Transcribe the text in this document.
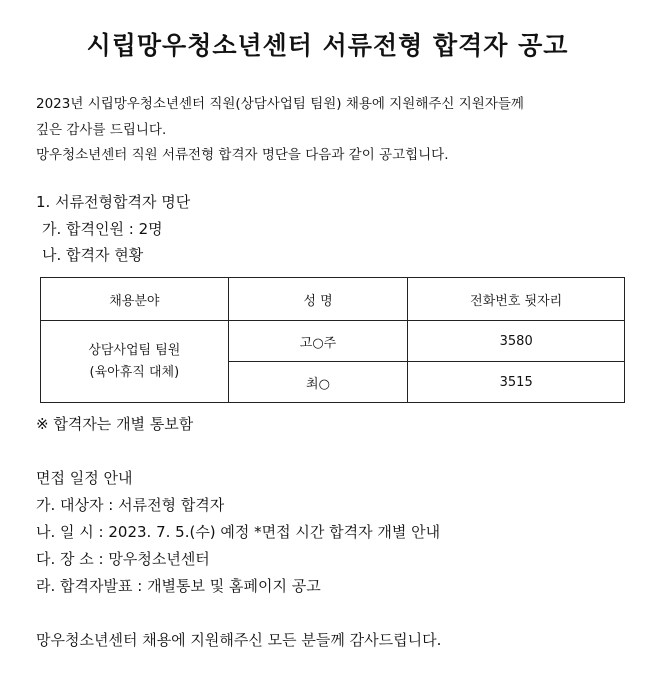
시립망우청소년센터 서류전형 합격자 공고
2023년 시립망우청소년센터 직원(상담사업팀 팀원) 채용에 지원해주신 지원자들께
깊은 감사를 드립니다.
망우청소년센터 직원 서류전형 합격자 명단을 다음과 같이 공고힙니다.
1. 서류전형합격자 명단
가. 합격인원 : 2명
나. 합격자 현황
채용분야	성 명	전화번호 뒷자리

상담사업팀 팀원
(육아휴직 대체)	고○주	3580
	최○	3515
※ 합격자는 개별 통보함
면접 일정 안내
가. 대상자 : 서류전형 합격자
나. 일 시 : 2023. 7. 5.(수) 예정 *면접 시간 합격자 개별 안내
다. 장 소 : 망우청소년센터
라. 합격자발표 : 개별통보 및 홈페이지 공고
망우청소년센터 채용에 지원해주신 모든 분들께 감사드립니다.
